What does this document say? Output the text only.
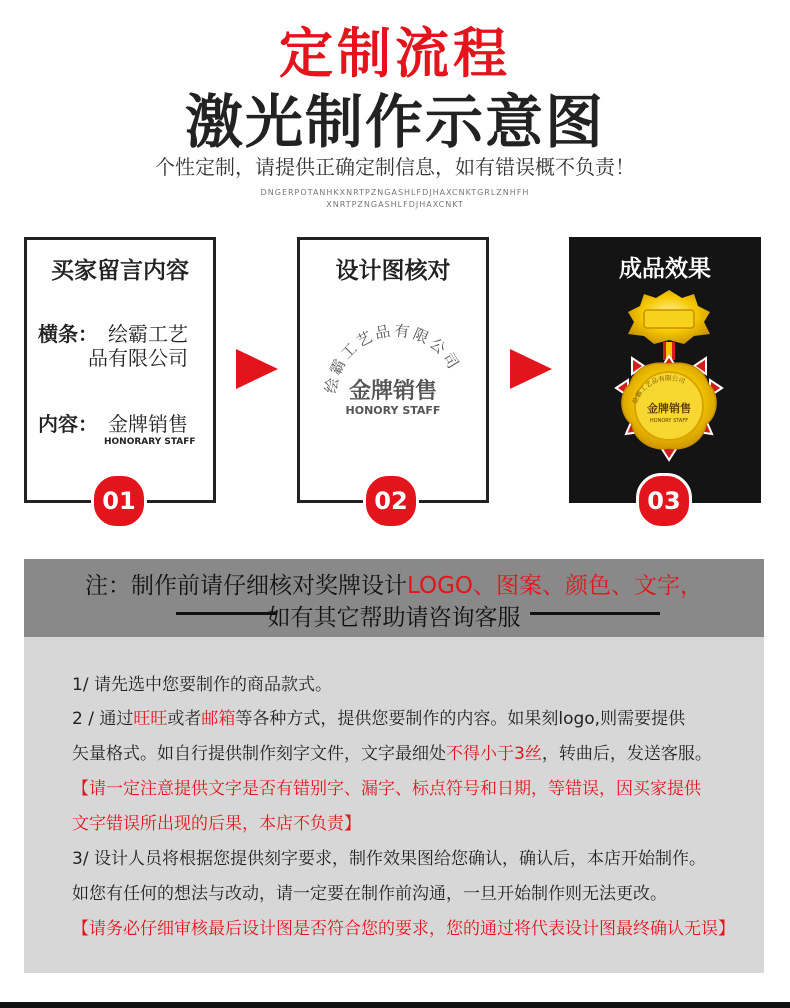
定制流程
激光制作示意图
个性定制，请提供正确定制信息，如有错误概不负责！
DNGERPOTANHKXNRTPZNGASHLFDJHAXCNKTGRLZNHFH
XNRTPZNGASHLFDJHAXCNKT
买家留言内容
横条： 绘霸工艺
品有限公司
内容： 金牌销售
HONORARY STAFF
设计图核对
绘霸工艺品有限公司
金牌销售
HONORY STAFF
成品效果
绘霸工艺品有限公司
金牌销售
HONORY STAFF
01	02	03
注：制作前请仔细核对奖牌设计LOGO、图案、颜色、文字，
如有其它帮助请咨询客服
1/ 请先选中您要制作的商品款式。
2 / 通过旺旺或者邮箱等各种方式，提供您要制作的内容。如果刻logo,则需要提供
矢量格式。如自行提供制作刻字文件，文字最细处不得小于3丝，转曲后，发送客服。
【请一定注意提供文字是否有错别字、漏字、标点符号和日期，等错误，因买家提供
文字错误所出现的后果，本店不负责】
3/ 设计人员将根据您提供刻字要求，制作效果图给您确认，确认后，本店开始制作。
如您有任何的想法与改动，请一定要在制作前沟通，一旦开始制作则无法更改。
【请务必仔细审核最后设计图是否符合您的要求，您的通过将代表设计图最终确认无误】
